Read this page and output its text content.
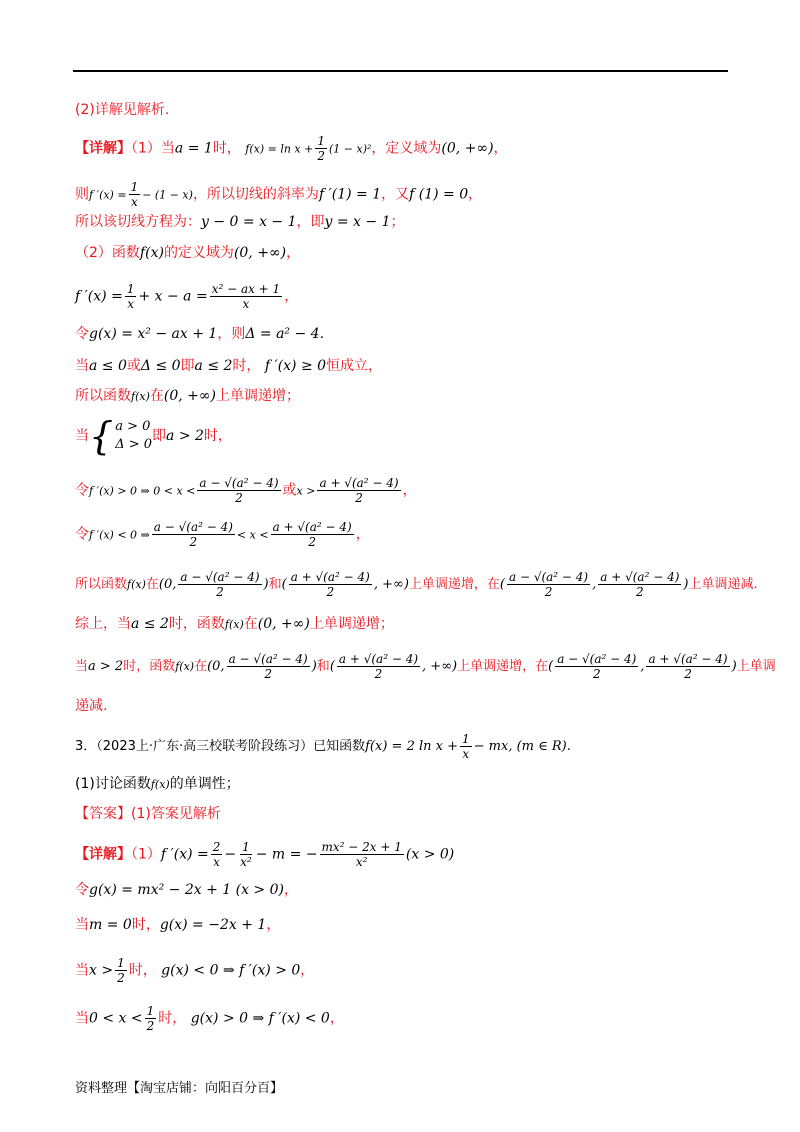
(2)详解见解析.
【详解】（1）当a = 1时， $f(x) = \ln x + \frac{1}{2} (1 - x)^2$，定义域为(0, +∞)，
则f $'(x) = \frac{1}{x} - (1 - x)$，所以切线的斜率为f ′(1) = 1，又f (1) = 0，
所以该切线方程为：y − 0 = x − 1，即y = x − 1；
（2）函数f(x)的定义域为(0, +∞)，
f $'(x) = \frac{1}{x} + x - a = \frac{\text{x² − ax + 1}}{x}$ ，
令g(x) = x² − ax + 1，则Δ = a² − 4.
当a ≤ 0或Δ ≤ 0即a ≤ 2时， f ′(x) ≥ 0恒成立，
所以函数f(x)在(0, +∞)上单调递增；
当 { a > 0
Δ > 0
即a > 2时，
令f ′(x) > 0 ⇒ $0 < x < \frac{\text{a − √(a² − 4)}}{2}$ 或$x > \frac{\text{a + √(a² − 4)}}{2}$ ，
令f ′(x) < 0 ⇒ $\frac{\text{a − √(a² − 4)}}{2} < x < \frac{\text{a + √(a² − 4)}}{2}$ ，
所以函数f(x)在(0, $\frac{\text{a − √(a² − 4)}}{2}$ )和( $\frac{\text{a + √(a² − 4)}}{2}$ , +∞)上单调递增，在( $\frac{\text{a − √(a² − 4)}}{2}$ , $\frac{\text{a + √(a² − 4)}}{2}$ )上单调递减.
综上，当a ≤ 2时，函数f(x)在(0, +∞)上单调递增；
当a > 2时，函数f(x)在(0, $\frac{\text{a − √(a² − 4)}}{2}$ )和( $\frac{\text{a + √(a² − 4)}}{2}$ , +∞)上单调递增，在( $\frac{\text{a − √(a² − 4)}}{2}$ , $\frac{\text{a + √(a² − 4)}}{2}$ )上单调
递减.
3．（2023上·广东·高三校联考阶段练习）已知函数f(x) = 2 $\ln x + \frac{1}{x}$ − mx, (m ∈ R).
(1)讨论函数f(x)的单调性；
【答案】(1)答案见解析
【详解】（1）f $'(x) = \frac{2}{x} - \frac{1}{\text{x²}} - m$ = − $\frac{\text{mx² − 2x + 1}}{\text{x²}} (x > 0)$
令g(x) = mx² − 2x + 1 (x > 0)，
当m = 0时，g(x) = −2x + 1，
当$x > \frac{1}{2}$ 时， g(x) < 0 ⇒ f ′(x) > 0，
当$0 < x < \frac{1}{2}$ 时， g(x) > 0 ⇒ f ′(x) < 0，
资料整理【淘宝店铺：向阳百分百】
